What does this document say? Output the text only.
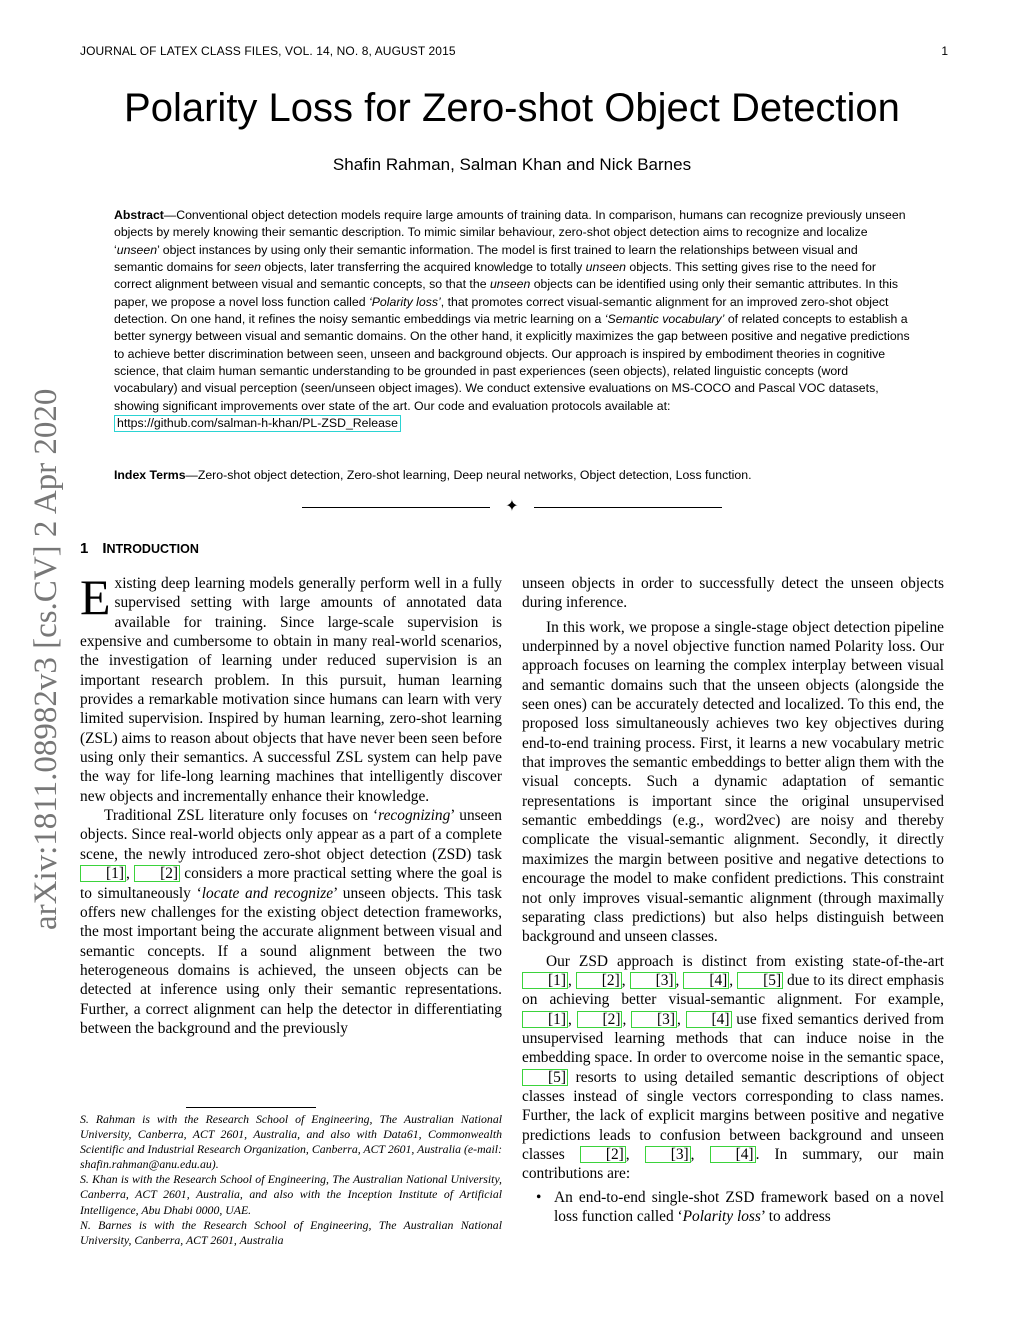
JOURNAL OF LATEX CLASS FILES, VOL. 14, NO. 8, AUGUST 2015	1
arXiv:1811.08982v3 [cs.CV] 2 Apr 2020
Polarity Loss for Zero-shot Object Detection
Shafin Rahman, Salman Khan and Nick Barnes
Abstract—Conventional object detection models require large amounts of training data. In comparison, humans can recognize previously unseen objects by merely knowing their semantic description. To mimic similar behaviour, zero-shot object detection aims to recognize and localize ‘unseen’ object instances by using only their semantic information. The model is first trained to learn the relationships between visual and semantic domains for seen objects, later transferring the acquired knowledge to totally unseen objects. This setting gives rise to the need for correct alignment between visual and semantic concepts, so that the unseen objects can be identified using only their semantic attributes. In this paper, we propose a novel loss function called ‘Polarity loss’, that promotes correct visual-semantic alignment for an improved zero-shot object detection. On one hand, it refines the noisy semantic embeddings via metric learning on a ‘Semantic vocabulary’ of related concepts to establish a better synergy between visual and semantic domains. On the other hand, it explicitly maximizes the gap between positive and negative predictions to achieve better discrimination between seen, unseen and background objects. Our approach is inspired by embodiment theories in cognitive science, that claim human semantic understanding to be grounded in past experiences (seen objects), related linguistic concepts (word vocabulary) and visual perception (seen/unseen object images). We conduct extensive evaluations on MS-COCO and Pascal VOC datasets, showing significant improvements over state of the art. Our code and evaluation protocols available at:
https://github.com/salman-h-khan/PL-ZSD_Release
Index Terms—Zero-shot object detection, Zero-shot learning, Deep neural networks, Object detection, Loss function.
✦
1 INTRODUCTION

Existing deep learning models generally perform well in a fully supervised setting with large amounts of annotated data available for training. Since large-scale supervision is expensive and cumbersome to obtain in many real-world scenarios, the investigation of learning under reduced supervision is an important research problem. In this pursuit, human learning provides a remarkable motivation since humans can learn with very limited supervision. Inspired by human learning, zero-shot learning (ZSL) aims to reason about objects that have never been seen before using only their semantics. A successful ZSL system can help pave the way for life-long learning machines that intelligently discover new objects and incrementally enhance their knowledge.

Traditional ZSL literature only focuses on ‘recognizing’ unseen objects. Since real-world objects only appear as a part of a complete scene, the newly introduced zero-shot object detection (ZSD) task [1] , [2] considers a more practical setting where the goal is to simultaneously ‘locate and recognize’ unseen objects. This task offers new challenges for the existing object detection frameworks, the most important being the accurate alignment between visual and semantic concepts. If a sound alignment between the two heterogeneous domains is achieved, the unseen objects can be detected at inference using only their semantic representations. Further, a correct alignment can help the detector in differentiating between the background and the previously

S. Rahman is with the Research School of Engineering, The Australian National University, Canberra, ACT 2601, Australia, and also with Data61, Commonwealth Scientific and Industrial Research Organization, Canberra, ACT 2601, Australia (e-mail: shafin.rahman@anu.edu.au).

S. Khan is with the Research School of Engineering, The Australian National University, Canberra, ACT 2601, Australia, and also with the Inception Institute of Artificial Intelligence, Abu Dhabi 0000, UAE.

N. Barnes is with the Research School of Engineering, The Australian National University, Canberra, ACT 2601, Australia

unseen objects in order to successfully detect the unseen objects during inference.

In this work, we propose a single-stage object detection pipeline underpinned by a novel objective function named Polarity loss. Our approach focuses on learning the complex interplay between visual and semantic domains such that the unseen objects (alongside the seen ones) can be accurately detected and localized. To this end, the proposed loss simultaneously achieves two key objectives during end-to-end training process. First, it learns a new vocabulary metric that improves the semantic embeddings to better align them with the visual concepts. Such a dynamic adaptation of semantic representations is important since the original unsupervised semantic embeddings (e.g., word2vec) are noisy and thereby complicate the visual-semantic alignment. Secondly, it directly maximizes the margin between positive and negative detections to encourage the model to make confident predictions. This constraint not only improves visual-semantic alignment (through maximally separating class predictions) but also helps distinguish between background and unseen classes.

Our ZSD approach is distinct from existing state-of-the-art [1] , [2] , [3] , [4] , [5] due to its direct emphasis on achieving better visual-semantic alignment. For example, [1] , [2] , [3] , [4] use fixed semantics derived from unsupervised learning methods that can induce noise in the embedding space. In order to overcome noise in the semantic space, [5] resorts to using detailed semantic descriptions of object classes instead of single vectors corresponding to class names. Further, the lack of explicit margins between positive and negative predictions leads to confusion between background and unseen classes [2] , [3] , [4] . In summary, our main contributions are:

• An end-to-end single-shot ZSD framework based on a novel loss function called ‘Polarity loss’ to address
